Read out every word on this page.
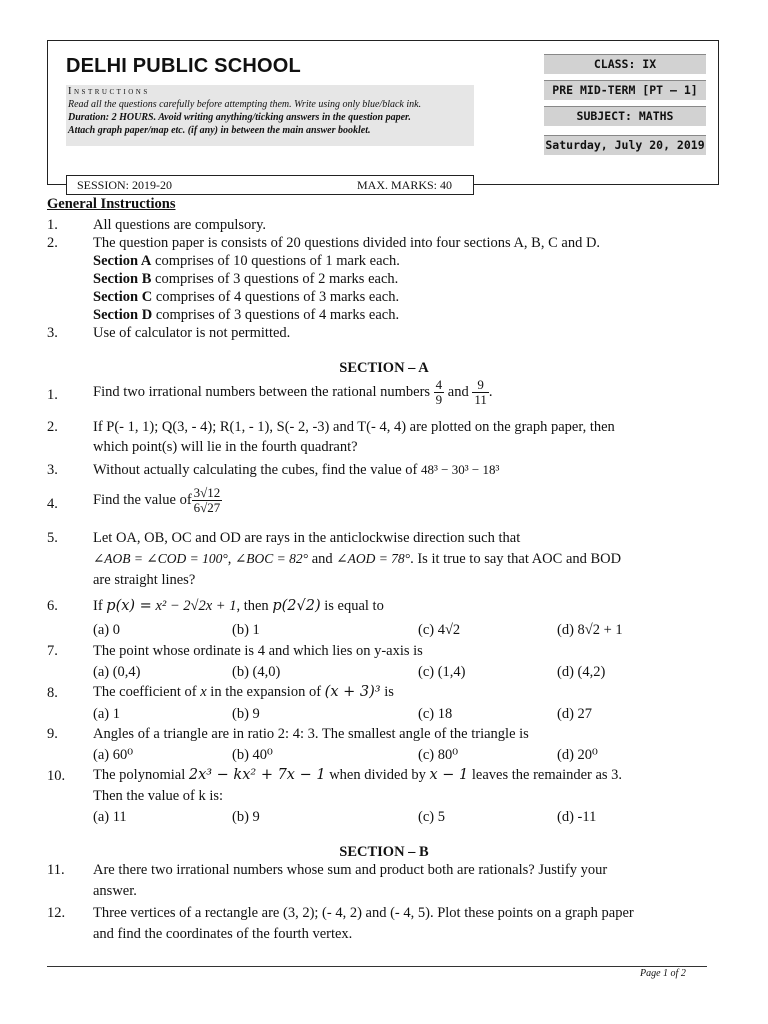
DELHI PUBLIC SCHOOL
Instructions
Read all the questions carefully before attempting them. Write using only blue/black ink.
Duration: 2 HOURS. Avoid writing anything/ticking answers in the question paper.
Attach graph paper/map etc. (if any) in between the main answer booklet.
CLASS: IX
PRE MID-TERM [PT – 1]
SUBJECT: MATHS
Saturday, July 20, 2019
SESSION: 2019-20	MAX. MARKS: 40
General Instructions
1. All questions are compulsory.
2. The question paper is consists of 20 questions divided into four sections A, B, C and D.
Section A comprises of 10 questions of 1 mark each.
Section B comprises of 3 questions of 2 marks each.
Section C comprises of 4 questions of 3 marks each.
Section D comprises of 3 questions of 4 marks each.
3. Use of calculator is not permitted.
SECTION – A
1. Find two irrational numbers between the rational numbers $\frac{4}{9}$ and $\frac{9}{11}$ .
2. If P(- 1, 1); Q(3, - 4); R(1, - 1), S(- 2, -3) and T(- 4, 4) are plotted on the graph paper, then
which point(s) will lie in the fourth quadrant?
3. Without actually calculating the cubes, find the value of 48³ − 30³ − 18³
4. Find the value of $\frac{3√12}{6√27}$
5. Let OA, OB, OC and OD are rays in the anticlockwise direction such that
∠AOB = ∠COD = 100°, ∠BOC = 82° and ∠AOD = 78°. Is it true to say that AOC and BOD
are straight lines?
6. If p(x) = x² − 2√2x + 1, then p(2√2) is equal to
(a) 0	(b) 1	(c) 4√2	(d) 8√2 + 1
7. The point whose ordinate is 4 and which lies on y-axis is
(a) (0,4)	(b) (4,0)	(c) (1,4)	(d) (4,2)
8. The coefficient of x in the expansion of (x + 3)³ is
(a) 1	(b) 9	(c) 18	(d) 27
9. Angles of a triangle are in ratio 2: 4: 3. The smallest angle of the triangle is
(a) 60⁰	(b) 40⁰	(c) 80⁰	(d) 20⁰
10. The polynomial 2x³ − kx² + 7x − 1 when divided by x − 1 leaves the remainder as 3.
Then the value of k is:
(a) 11	(b) 9	(c) 5	(d) -11
SECTION – B
11. Are there two irrational numbers whose sum and product both are rationals? Justify your
answer.
12. Three vertices of a rectangle are (3, 2); (- 4, 2) and (- 4, 5). Plot these points on a graph paper
and find the coordinates of the fourth vertex.
Page 1 of 2
